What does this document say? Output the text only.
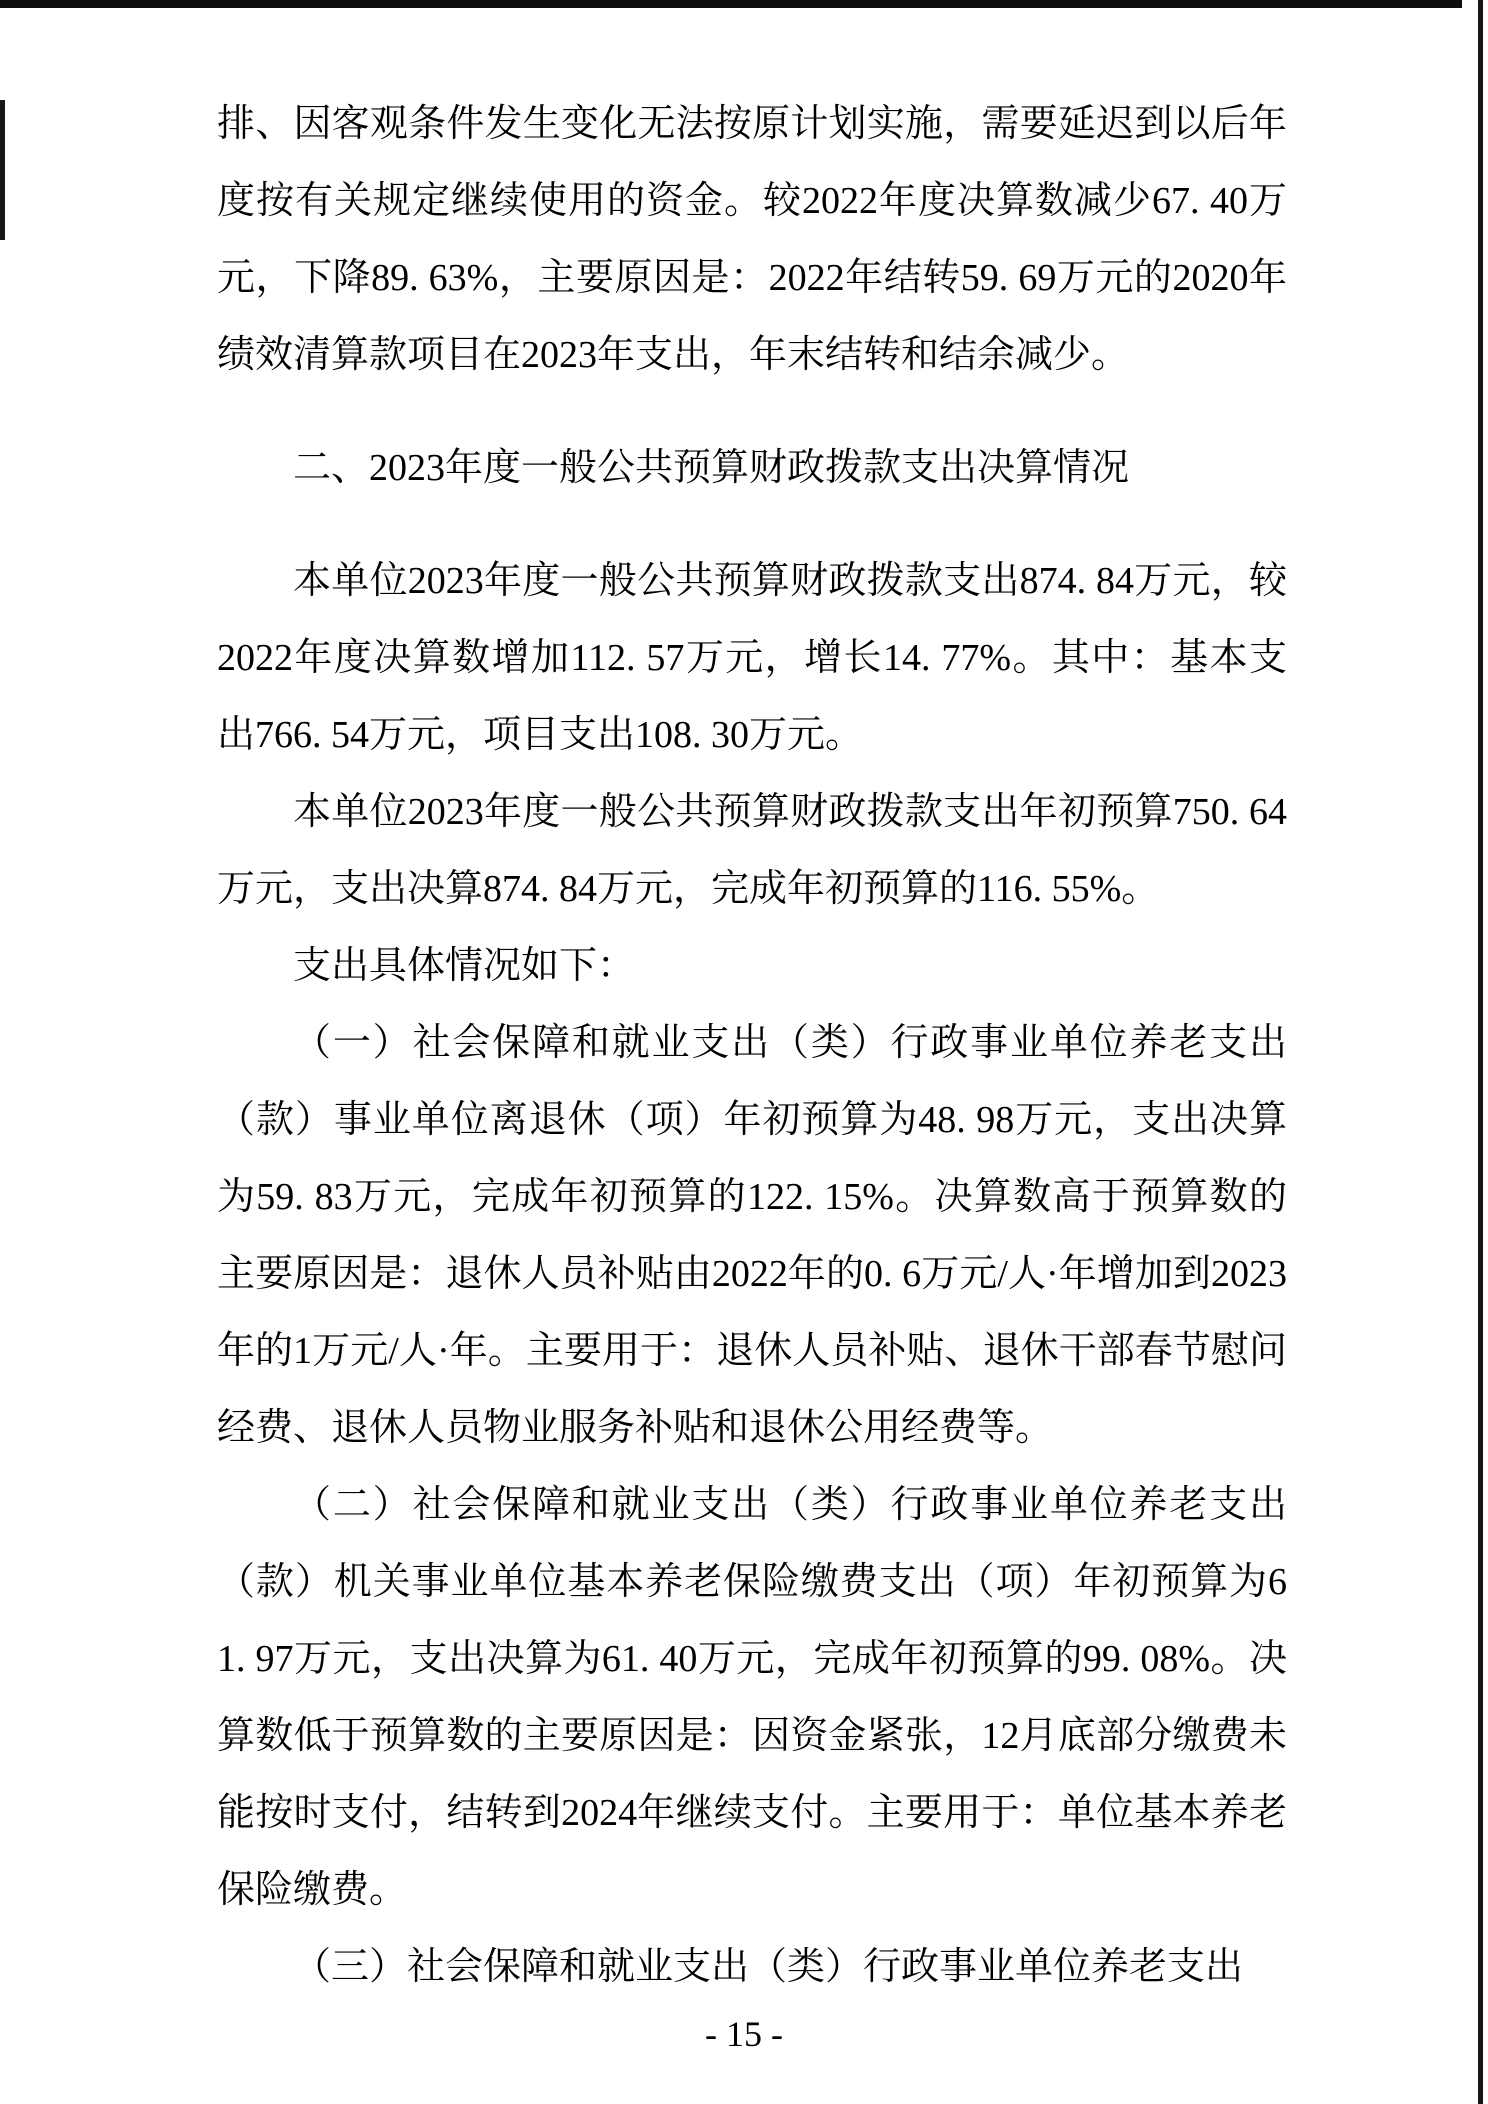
排、因客观条件发生变化无法按原计划实施，需要延迟到以后年度按有关规定继续使用的资金。较2022年度决算数减少67. 40万元，下降89. 63%，主要原因是：2022年结转59. 69万元的2020年绩效清算款项目在2023年支出，年末结转和结余减少。

二、2023年度一般公共预算财政拨款支出决算情况

本单位2023年度一般公共预算财政拨款支出874. 84万元，较2022年度决算数增加112. 57万元，增长14. 77%。其中：基本支出766. 54万元，项目支出108. 30万元。

本单位2023年度一般公共预算财政拨款支出年初预算750. 64万元，支出决算874. 84万元，完成年初预算的116. 55%。

支出具体情况如下：

（一）社会保障和就业支出（类）行政事业单位养老支出（款）事业单位离退休（项）年初预算为48. 98万元，支出决算为59. 83万元，完成年初预算的122. 15%。决算数高于预算数的主要原因是：退休人员补贴由2022年的0. 6万元/人·年增加到2023年的1万元/人·年。主要用于：退休人员补贴、退休干部春节慰问经费、退休人员物业服务补贴和退休公用经费等。

（二）社会保障和就业支出（类）行政事业单位养老支出（款）机关事业单位基本养老保险缴费支出（项）年初预算为61. 97万元，支出决算为61. 40万元，完成年初预算的99. 08%。决算数低于预算数的主要原因是：因资金紧张，12月底部分缴费未能按时支付，结转到2024年继续支付。主要用于：单位基本养老保险缴费。

（三）社会保障和就业支出（类）行政事业单位养老支出

- 15 -
